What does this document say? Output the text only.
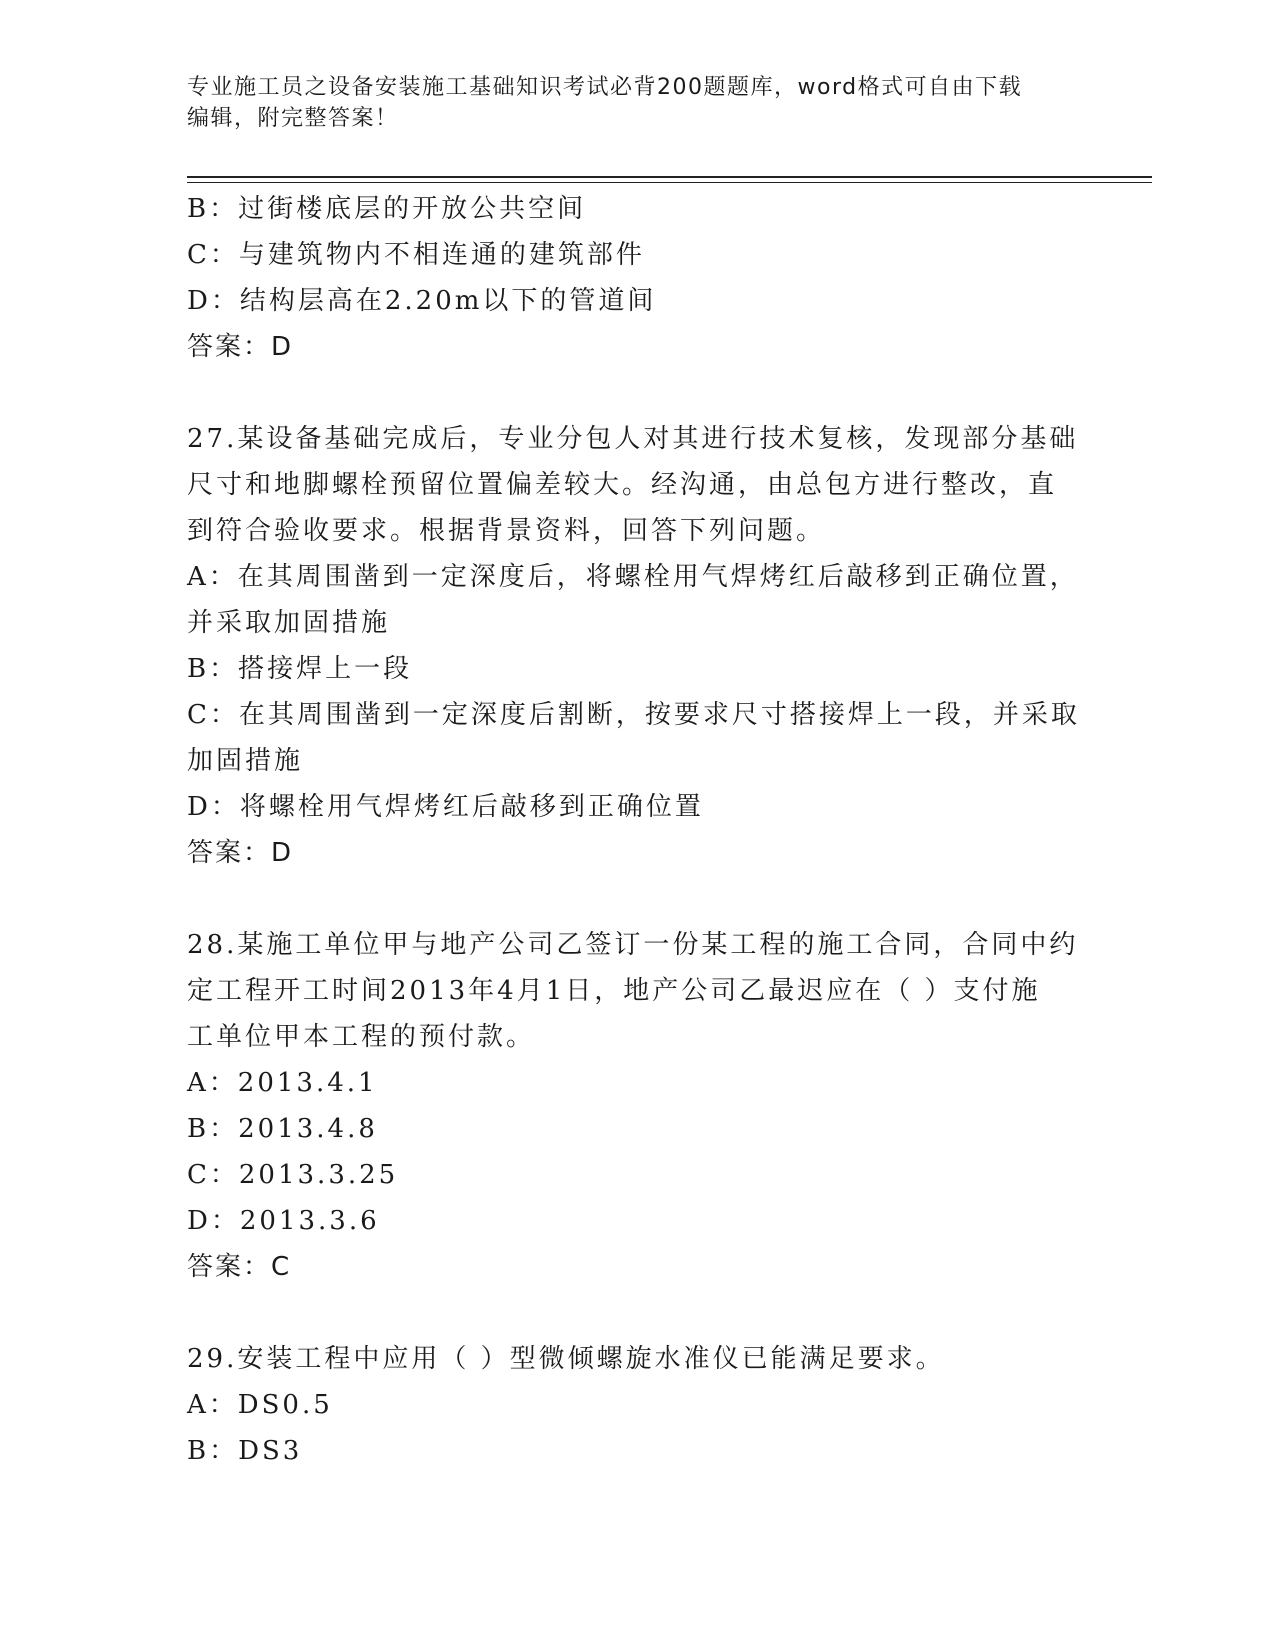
专业施工员之设备安装施工基础知识考试必背200题题库，word格式可自由下载
编辑，附完整答案！
B：过街楼底层的开放公共空间
C：与建筑物内不相连通的建筑部件
D：结构层高在2.20m以下的管道间
答案：D
27.某设备基础完成后，专业分包人对其进行技术复核，发现部分基础
尺寸和地脚螺栓预留位置偏差较大。经沟通，由总包方进行整改，直
到符合验收要求。根据背景资料，回答下列问题。
A：在其周围凿到一定深度后，将螺栓用气焊烤红后敲移到正确位置，
并采取加固措施
B：搭接焊上一段
C：在其周围凿到一定深度后割断，按要求尺寸搭接焊上一段，并采取
加固措施
D：将螺栓用气焊烤红后敲移到正确位置
答案：D
28.某施工单位甲与地产公司乙签订一份某工程的施工合同，合同中约
定工程开工时间2013年4月1日，地产公司乙最迟应在（ ）支付施
工单位甲本工程的预付款。
A：2013.4.1
B：2013.4.8
C：2013.3.25
D：2013.3.6
答案：C
29.安装工程中应用（ ）型微倾螺旋水准仪已能满足要求。
A：DS0.5
B：DS3
